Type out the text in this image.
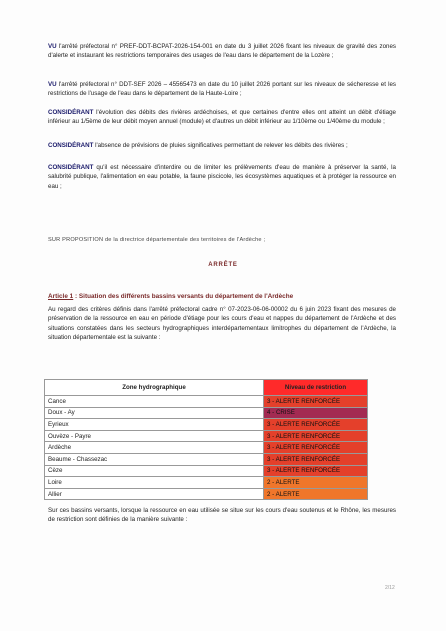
VU l'arrêté préfectoral n° PREF-DDT-BCPAT-2026-154-001 en date du 3 juillet 2026 fixant les niveaux de gravité des zones d'alerte et instaurant les restrictions temporaires des usages de l'eau dans le département de la Lozère ;
VU l'arrêté préfectoral n° DDT-SEF 2026 – 45565473 en date du 10 juillet 2026 portant sur les niveaux de sécheresse et les restrictions de l'usage de l'eau dans le département de la Haute-Loire ;
CONSIDÉRANT l'évolution des débits des rivières ardéchoises, et que certaines d'entre elles ont atteint un débit d'étiage inférieur au 1/5ème de leur débit moyen annuel (module) et d'autres un débit inférieur au 1/10ème ou 1/40ème du module ;
CONSIDÉRANT l'absence de prévisions de pluies significatives permettant de relever les débits des rivières ;
CONSIDÉRANT qu'il est nécessaire d'interdire ou de limiter les prélèvements d'eau de manière à préserver la santé, la salubrité publique, l'alimentation en eau potable, la faune piscicole, les écosystèmes aquatiques et à protéger la ressource en eau ;
SUR PROPOSITION de la directrice départementale des territoires de l'Ardèche ;
ARRÊTE
Article 1 : Situation des différents bassins versants du département de l'Ardèche
Au regard des critères définis dans l'arrêté préfectoral cadre n° 07-2023-06-06-00002 du 6 juin 2023 fixant des mesures de préservation de la ressource en eau en période d'étiage pour les cours d'eau et nappes du département de l'Ardèche et des situations constatées dans les secteurs hydrographiques interdépartementaux limitrophes du département de l'Ardèche, la situation départementale est la suivante :
Zone hydrographique	Niveau de restriction
Cance	3 - ALERTE RENFORCÉE
Doux - Ay	4 - CRISE
Eyrieux	3 - ALERTE RENFORCÉE
Ouvèze - Payre	3 - ALERTE RENFORCÉE
Ardèche	3 - ALERTE RENFORCÉE
Beaume - Chassezac	3 - ALERTE RENFORCÉE
Cèze	3 - ALERTE RENFORCÉE
Loire	2 - ALERTE
Allier	2 - ALERTE
Sur ces bassins versants, lorsque la ressource en eau utilisée se situe sur les cours d'eau soutenus et le Rhône, les mesures de restriction sont définies de la manière suivante :
2/12
